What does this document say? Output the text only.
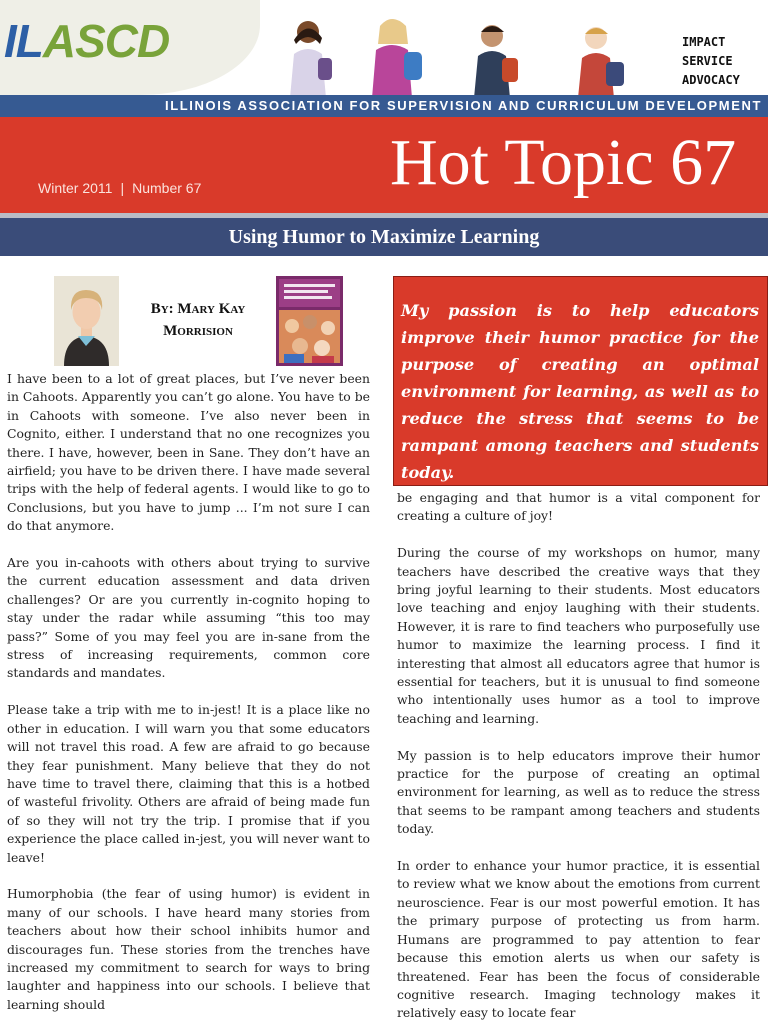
ILASCD	IMPACT
SERVICE
ADVOCACY
ILLINOIS ASSOCIATION FOR SUPERVISION AND CURRICULUM DEVELOPMENT
Winter 2011 | Number 67	Hot Topic 67
Using Humor to Maximize Learning
By: Mary Kay
Morrision

My passion is to help educators improve their humor practice for the purpose of creating an optimal environment for learning, as well as to reduce the stress that seems to be rampant among teachers and students today.

I have been to a lot of great places, but I’ve never been in Cahoots. Apparently you can’t go alone. You have to be in Cahoots with someone. I’ve also never been in Cognito, either. I understand that no one recognizes you there. I have, however, been in Sane. They don’t have an airfield; you have to be driven there. I have made several trips with the help of federal agents. I would like to go to Conclusions, but you have to jump ... I’m not sure I can do that anymore.

Are you in-cahoots with others about trying to survive the current education assessment and data driven challenges? Or are you currently in-cognito hoping to stay under the radar while assuming “this too may pass?” Some of you may feel you are in-sane from the stress of increasing requirements, common core standards and mandates.

Please take a trip with me to in-jest! It is a place like no other in education. I will warn you that some educators will not travel this road. A few are afraid to go because they fear punishment. Many believe that they do not have time to travel there, claiming that this is a hotbed of wasteful frivolity. Others are afraid of being made fun of so they will not try the trip. I promise that if you experience the place called in-jest, you will never want to leave!

Humorphobia (the fear of using humor) is evident in many of our schools. I have heard many stories from teachers about how their school inhibits humor and discourages fun. These stories from the trenches have increased my commitment to search for ways to bring laughter and happiness into our schools. I believe that learning should

be engaging and that humor is a vital component for creating a culture of joy!

During the course of my workshops on humor, many teachers have described the creative ways that they bring joyful learning to their students. Most educators love teaching and enjoy laughing with their students. However, it is rare to find teachers who purposefully use humor to maximize the learning process. I find it interesting that almost all educators agree that humor is essential for teachers, but it is unusual to find someone who intentionally uses humor as a tool to improve teaching and learning.

My passion is to help educators improve their humor practice for the purpose of creating an optimal environment for learning, as well as to reduce the stress that seems to be rampant among teachers and students today.

In order to enhance your humor practice, it is essential to review what we know about the emotions from current neuroscience. Fear is our most powerful emotion. It has the primary purpose of protecting us from harm. Humans are programmed to pay attention to fear because this emotion alerts us when our safety is threatened. Fear has been the focus of considerable cognitive research. Imaging technology makes it relatively easy to locate fear
